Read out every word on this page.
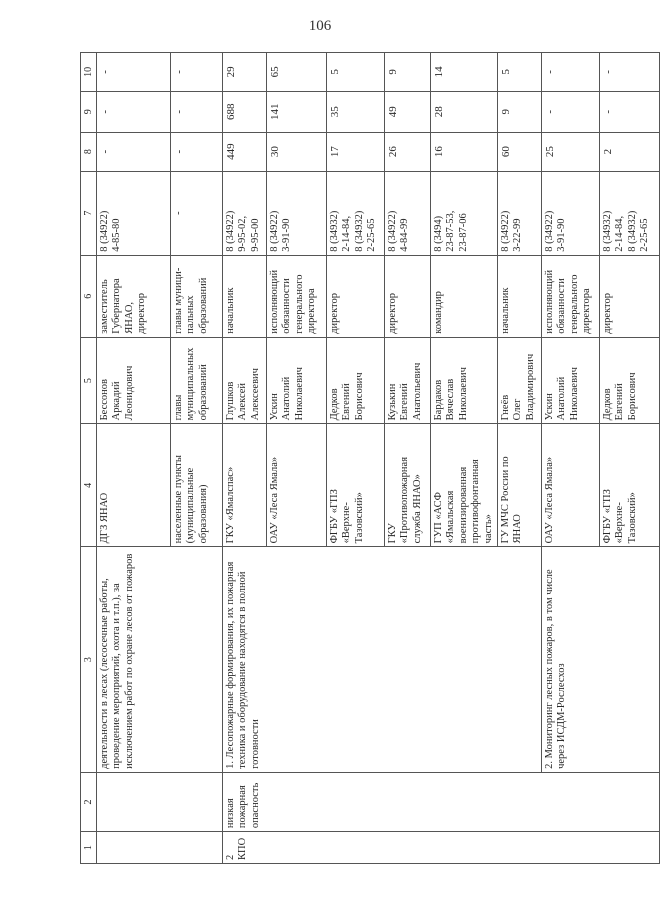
106
1	2	3	4	5	6	7	8	9	10
		деятельности в лесах (лесосечные работы, проведение мероприятий, охота и т.п.), за исключением работ по охране лесов от пожаров	ДГЗ ЯНАО	Бессонов Аркадий Леонидович	заместитель Губернатора ЯНАО, директор	8 (34922) 4-85-80	-	-	-
			населенные пункты (муниципальные образования)	главы муниципальных образований	главы муници- пальных образований	-	-	-	-
2 КПО	низкая пожарная опасность	1. Лесопожарные формирования, их пожарная техника и оборудование находятся в полной готовности	ГКУ «Ямалспас»	Глушков Алексей Алексеевич	начальник	8 (34922) 9-95-02, 9-95-00	449	688	29
			ОАУ «Леса Ямала»	Ускин Анатолий Николаевич	исполняющий обязанности генерального директора	8 (34922) 3-91-90	30	141	65

			ФГБУ «ГПЗ «Верхне- Тазовский»	Дедков Евгений Борисович	директор	8 (34932) 2-14-84, 8 (34932) 2-25-65	17	35	5

			ГКУ «Противопожарная служба ЯНАО»	Кузькин Евгений Анатольевич	директор	8 (34922) 4-84-99	26	49	9

			ГУП «АСФ «Ямальская военизированная противофонтанная часть»	Бардаков Вячеслав Николаевич	командир	8 (3494) 23-87-53, 23-87-06	16	28	14

			ГУ МЧС России по ЯНАО	Гнеёв Олег Владимирович	начальник	8 (34922) 3-22-99	60	9	5
		2. Мониторинг лесных пожаров, в том числе через ИСДМ-Рослесхоз	ОАУ «Леса Ямала»	Ускин Анатолий Николаевич	исполняющий обязанности генерального директора	8 (34922) 3-91-90	25	-	-

			ФГБУ «ГПЗ «Верхне- Тазовский»	Дедков Евгений Борисович	директор	8 (34932) 2-14-84, 8 (34932) 2-25-65	2	-	-
